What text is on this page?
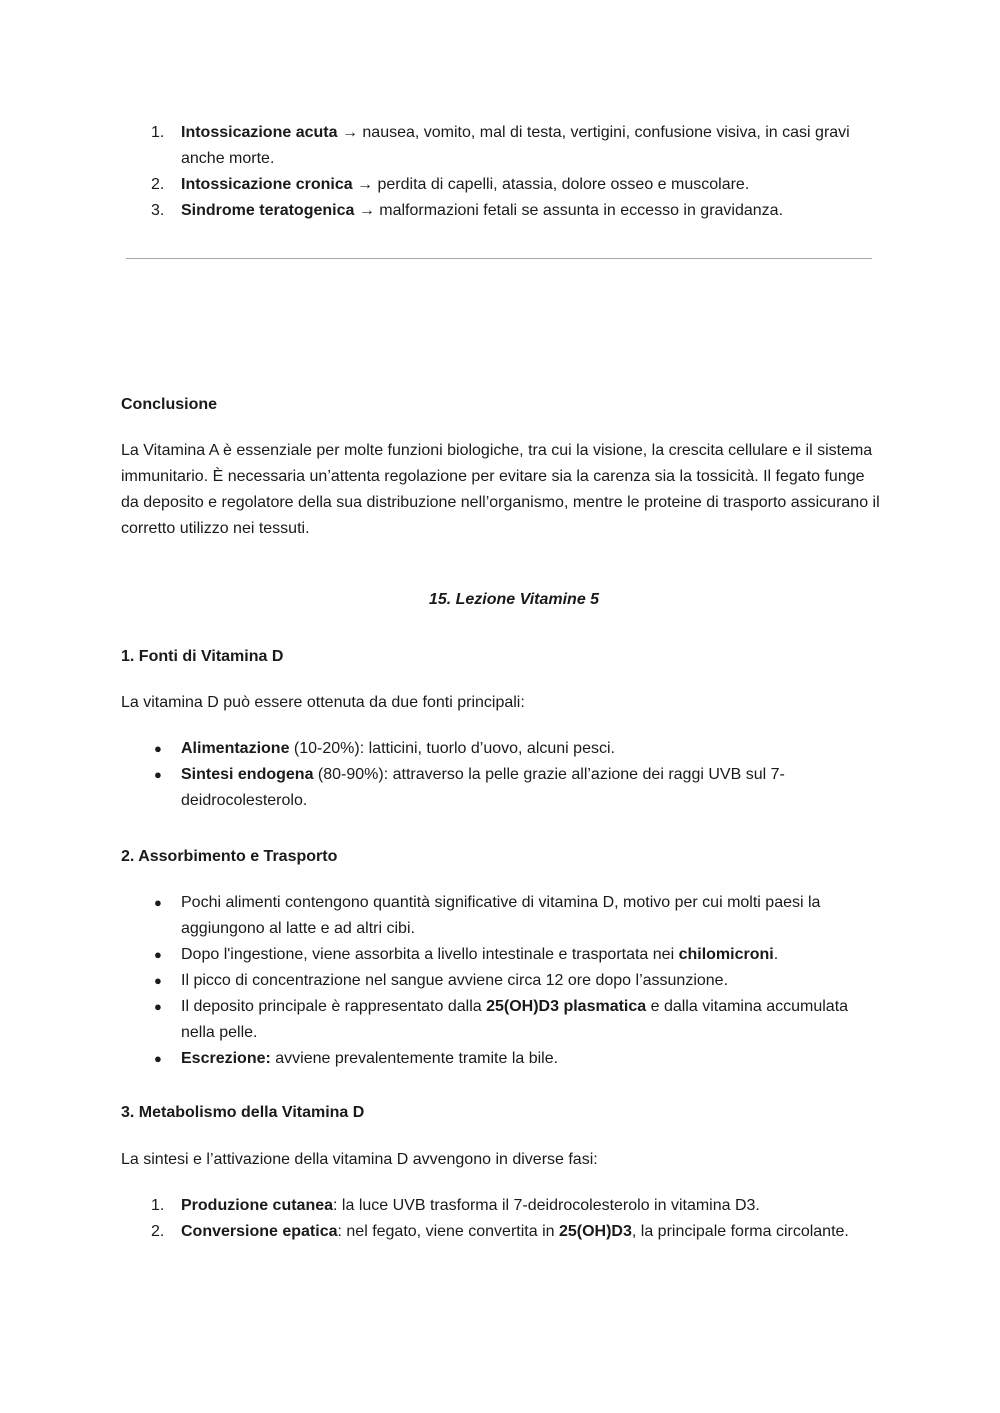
1. Intossicazione acuta → nausea, vomito, mal di testa, vertigini, confusione visiva, in casi gravi anche morte.
2. Intossicazione cronica → perdita di capelli, atassia, dolore osseo e muscolare.
3. Sindrome teratogenica → malformazioni fetali se assunta in eccesso in gravidanza.
Conclusione

La Vitamina A è essenziale per molte funzioni biologiche, tra cui la visione, la crescita cellulare e il sistema immunitario. È necessaria un’attenta regolazione per evitare sia la carenza sia la tossicità. Il fegato funge da deposito e regolatore della sua distribuzione nell’organismo, mentre le proteine di trasporto assicurano il corretto utilizzo nei tessuti.

15. Lezione Vitamine 5
1. Fonti di Vitamina D

La vitamina D può essere ottenuta da due fonti principali:

● Alimentazione (10-20%): latticini, tuorlo d’uovo, alcuni pesci.
● Sintesi endogena (80-90%): attraverso la pelle grazie all’azione dei raggi UVB sul 7-deidrocolesterolo.
2. Assorbimento e Trasporto
● Pochi alimenti contengono quantità significative di vitamina D, motivo per cui molti paesi la aggiungono al latte e ad altri cibi.
● Dopo l'ingestione, viene assorbita a livello intestinale e trasportata nei chilomicroni.
● Il picco di concentrazione nel sangue avviene circa 12 ore dopo l’assunzione.
● Il deposito principale è rappresentato dalla 25(OH)D3 plasmatica e dalla vitamina accumulata nella pelle.
● Escrezione: avviene prevalentemente tramite la bile.
3. Metabolismo della Vitamina D

La sintesi e l’attivazione della vitamina D avvengono in diverse fasi:

1. Produzione cutanea: la luce UVB trasforma il 7-deidrocolesterolo in vitamina D3.
2. Conversione epatica: nel fegato, viene convertita in 25(OH)D3, la principale forma circolante.
